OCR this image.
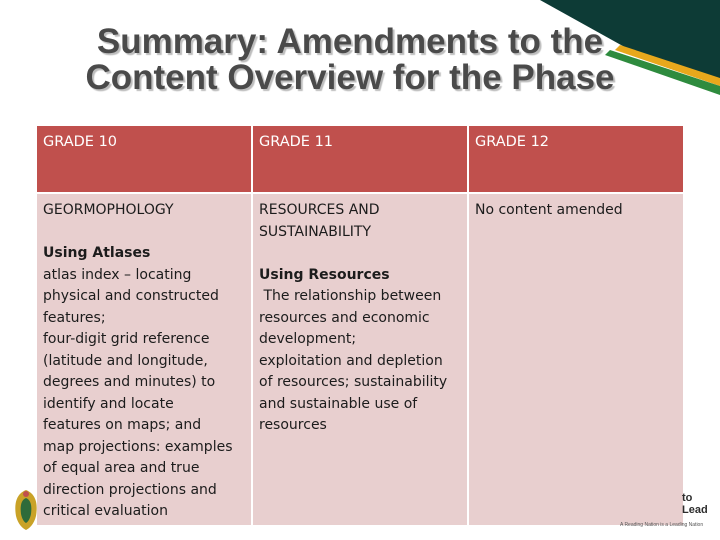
Summary: Amendments to the
Content Overview for the Phase
GRADE 10	GRADE 11	GRADE 12

GEORMOPHOLOGY

Using Atlases

atlas index – locating

physical and constructed

features;

four-digit grid reference

(latitude and longitude,

degrees and minutes) to

identify and locate

features on maps; and

map projections: examples

of equal area and true

direction projections and

critical evaluation

RESOURCES AND

SUSTAINABILITY

Using Resources

The relationship between

resources and economic

development;

exploitation and depletion

of resources; sustainability

and sustainable use of

resources

No content amended

to Lead
A Reading Nation is a Leading Nation
